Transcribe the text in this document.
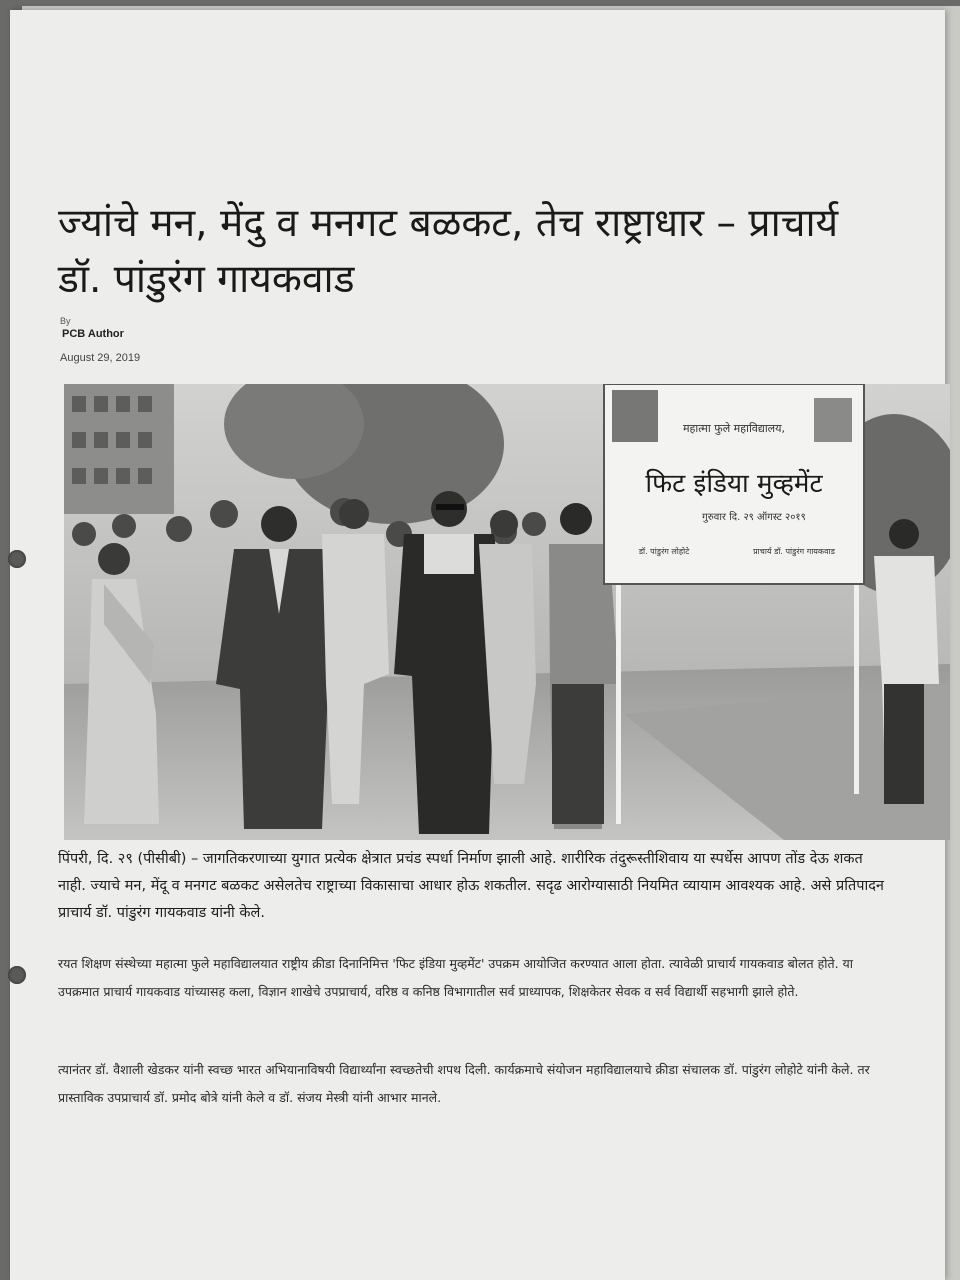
ज्यांचे मन, मेंदु व मनगट बळकट, तेच राष्ट्राधार – प्राचार्य डॉ. पांडुरंग गायकवाड
By
PCB Author
August 29, 2019
महात्मा फुले महाविद्यालय,
फिट इंडिया मुव्हमेंट
गुरुवार दि. २९ ऑगस्ट २०१९
डॉ. पांडुरंग लोहोटे	प्राचार्य डॉ. पांडुरंग गायकवाड

पिंपरी, दि. २९ (पीसीबी) – जागतिकरणाच्या युगात प्रत्येक क्षेत्रात प्रचंड स्पर्धा निर्माण झाली आहे. शारीरिक तंदुरूस्तीशिवाय या स्पर्धेस आपण तोंड देऊ शकत नाही. ज्याचे मन, मेंदू व मनगट बळकट असेलतेच राष्ट्राच्या विकासाचा आधार होऊ शकतील. सदृढ आरोग्यासाठी नियमित व्यायाम आवश्यक आहे. असे प्रतिपादन प्राचार्य डॉ. पांडुरंग गायकवाड यांनी केले.

रयत शिक्षण संस्थेच्या महात्मा फुले महाविद्यालयात राष्ट्रीय क्रीडा दिनानिमित्त 'फिट इंडिया मुव्हमेंट' उपक्रम आयोजित करण्यात आला होता. त्यावेळी प्राचार्य गायकवाड बोलत होते. या उपक्रमात प्राचार्य गायकवाड यांच्यासह कला, विज्ञान शाखेचे उपप्राचार्य, वरिष्ठ व कनिष्ठ विभागातील सर्व प्राध्यापक, शिक्षकेतर सेवक व सर्व विद्यार्थी सहभागी झाले होते.

त्यानंतर डॉ. वैशाली खेडकर यांनी स्वच्छ भारत अभियानाविषयी विद्यार्थ्यांना स्वच्छतेची शपथ दिली. कार्यक्रमाचे संयोजन महाविद्यालयाचे क्रीडा संचालक डॉ. पांडुरंग लोहोटे यांनी केले. तर प्रास्ताविक उपप्राचार्य डॉ. प्रमोद बोत्रे यांनी केले व डॉ. संजय मेस्त्री यांनी आभार मानले.
